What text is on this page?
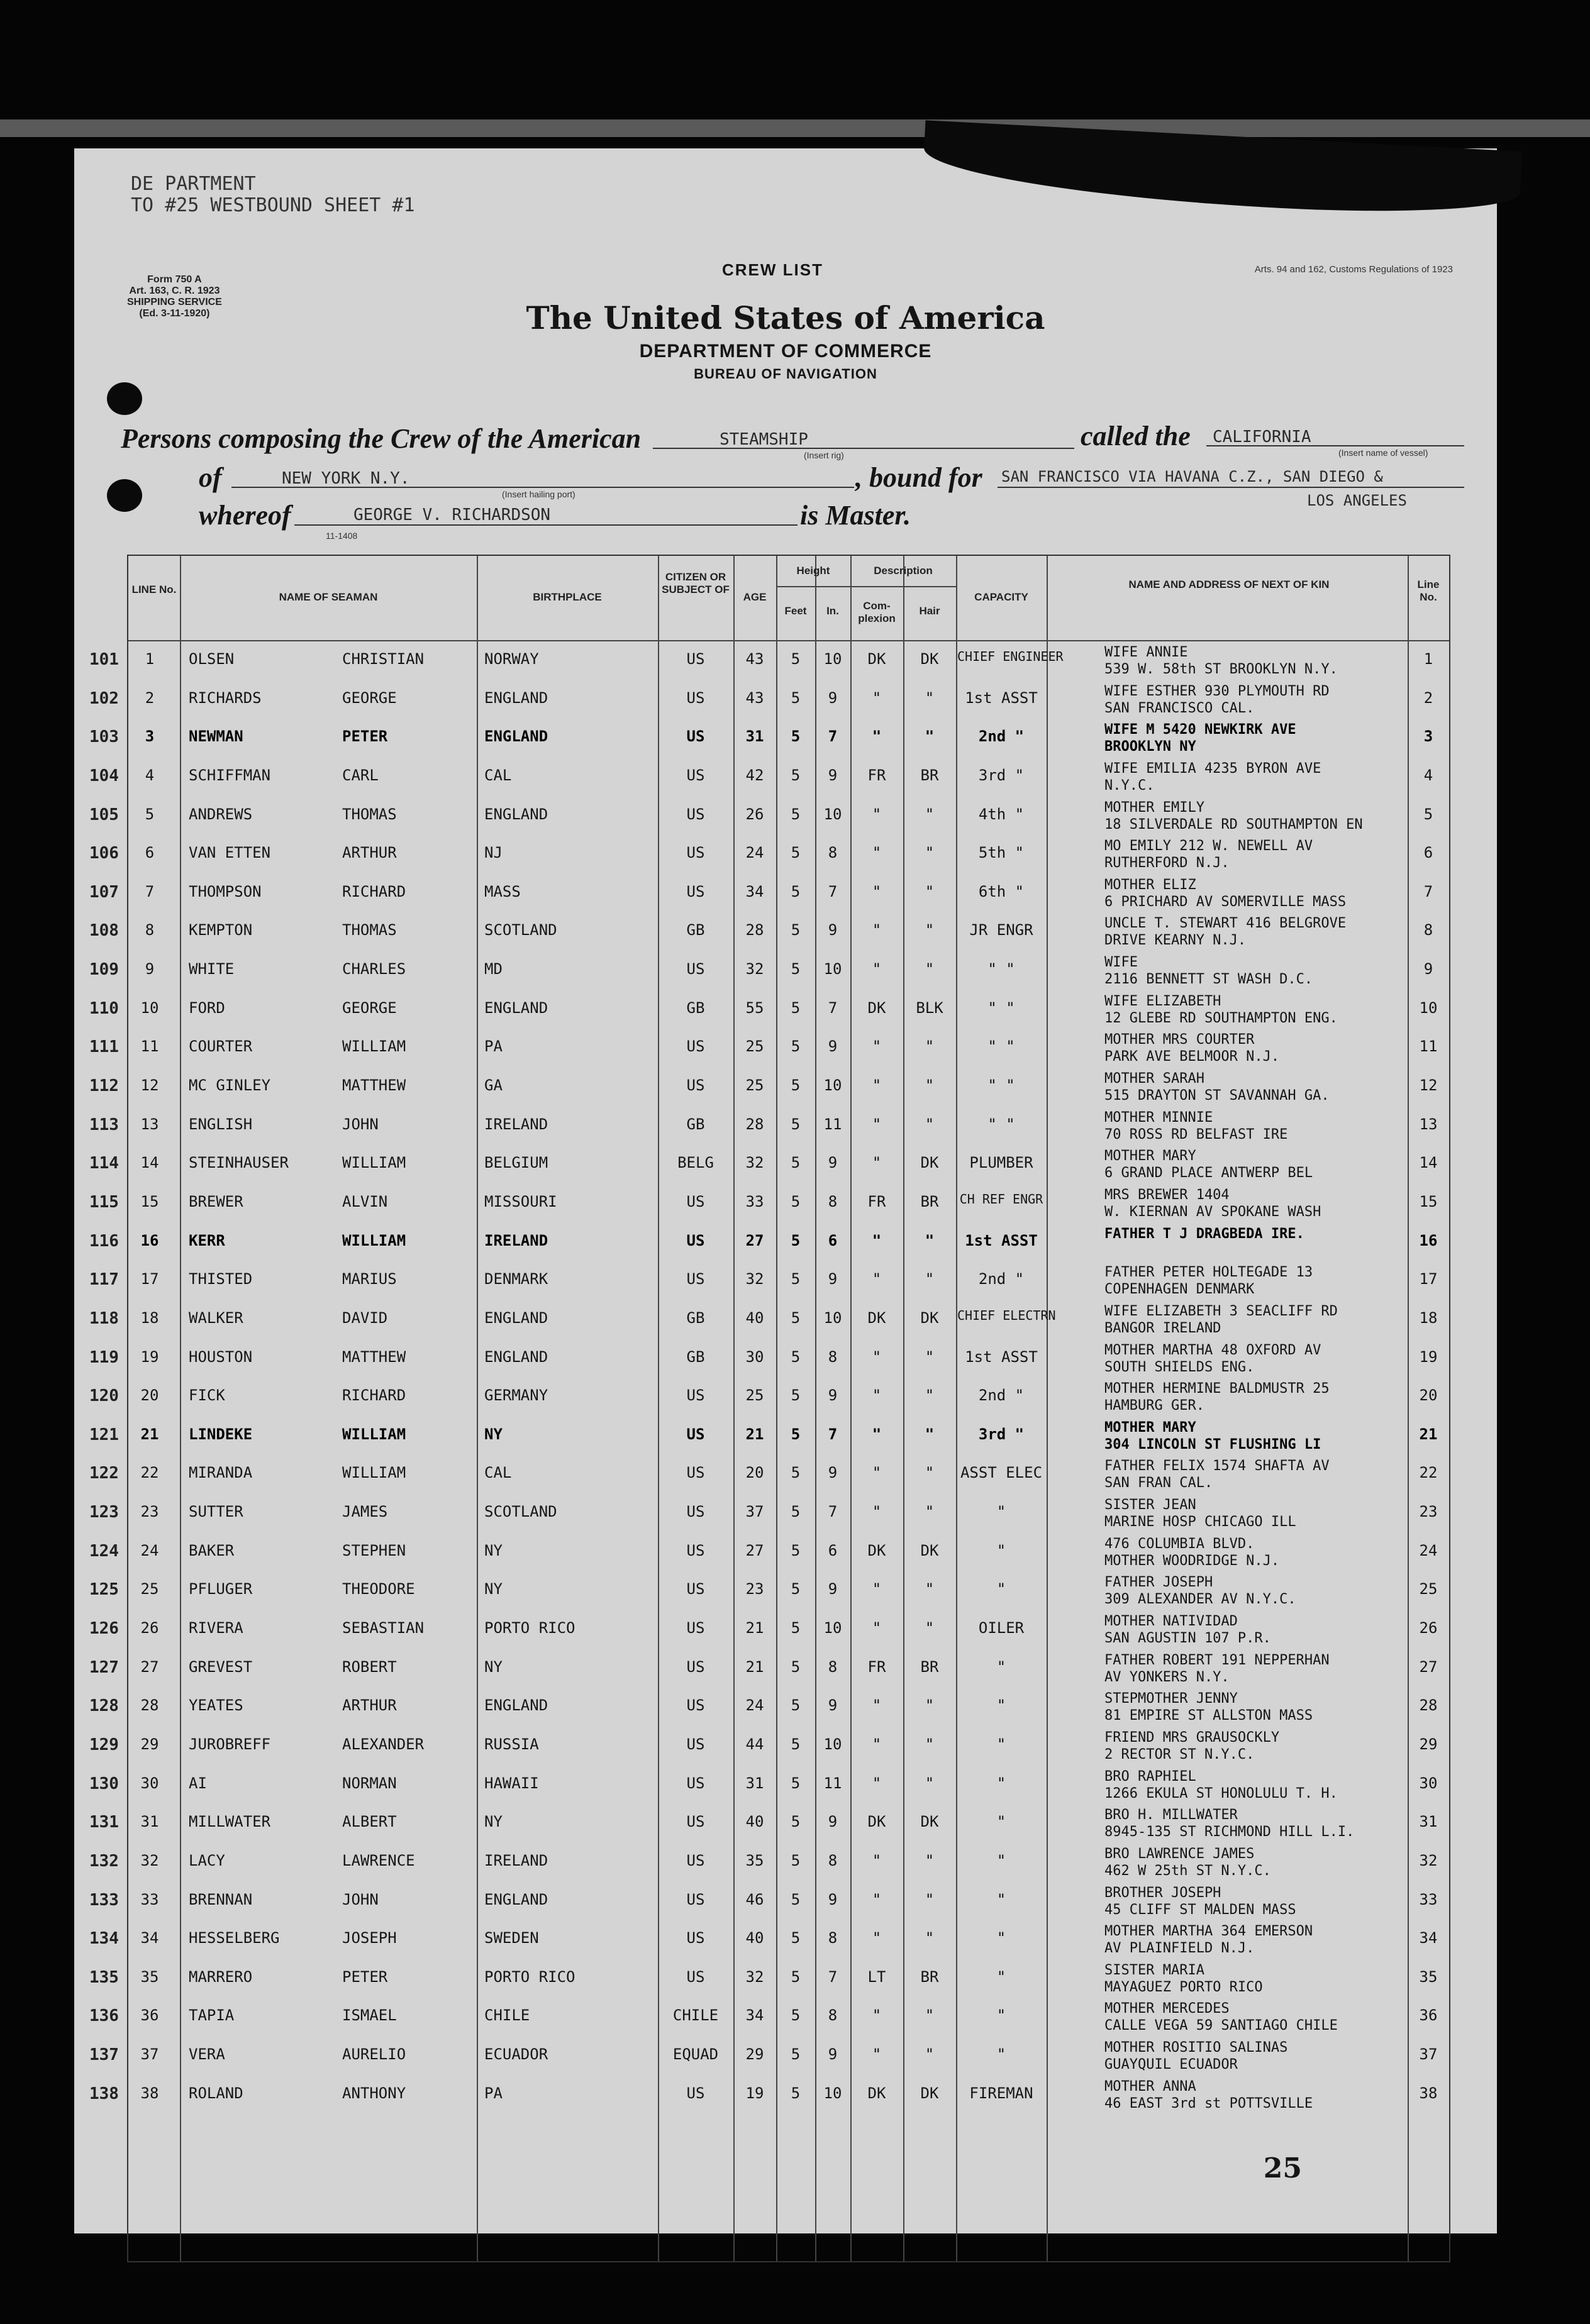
DE PARTMENT
TO #25 WESTBOUND SHEET #1
Form 750 A
Art. 163, C. R. 1923
SHIPPING SERVICE
(Ed. 3-11-1920)
CREW LIST	Arts. 94 and 162, Customs Regulations of 1923
The United States of America
DEPARTMENT OF COMMERCE
BUREAU OF NAVIGATION
Persons composing the Crew of the American	STEAMSHIP
(Insert rig)
called the CALIFORNIA
(Insert name of vessel)
of	NEW YORK N.Y.
(Insert hailing port)
, bound for SAN FRANCISCO VIA HAVANA C.Z., SAN DIEGO &
LOS ANGELES
whereof	GEORGE V. RICHARDSON	is Master.
11-1408
LINE No.
NAME OF SEAMAN	BIRTHPLACE
CITIZEN OR SUBJECT OF
AGE
Height
Feet	In.
Description
Com-plexion
Hair
CAPACITY
NAME AND ADDRESS OF NEXT OF KIN	Line No.
101	1	OLSEN	CHRISTIAN	NORWAY	US	43	5	10	DK	DK	CHIEF ENGINEER	WIFE ANNIE
539 W. 58th ST BROOKLYN N.Y.
1
102	2	RICHARDS	GEORGE	ENGLAND	US	43	5	9	"	"	1st ASST	WIFE ESTHER 930 PLYMOUTH RD
SAN FRANCISCO CAL.
2
103	3	NEWMAN	PETER	ENGLAND	US	31	5	7	"	"	2nd "	WIFE M 5420 NEWKIRK AVE
BROOKLYN NY
3
104	4	SCHIFFMAN	CARL	CAL	US	42	5	9	FR	BR	3rd "	WIFE EMILIA 4235 BYRON AVE
N.Y.C.
4
105	5	ANDREWS	THOMAS	ENGLAND	US	26	5	10	"	"	4th "	MOTHER EMILY
18 SILVERDALE RD SOUTHAMPTON EN
5
106	6	VAN ETTEN	ARTHUR	NJ	US	24	5	8	"	"	5th "	MO EMILY 212 W. NEWELL AV
RUTHERFORD N.J.
6
107	7	THOMPSON	RICHARD	MASS	US	34	5	7	"	"	6th "	MOTHER ELIZ
6 PRICHARD AV SOMERVILLE MASS
7
108	8	KEMPTON	THOMAS	SCOTLAND	GB	28	5	9	"	"	JR ENGR	UNCLE T. STEWART 416 BELGROVE
DRIVE KEARNY N.J.
8
109	9	WHITE	CHARLES	MD	US	32	5	10	"	"	" "	WIFE
2116 BENNETT ST WASH D.C.
9
110	10	FORD	GEORGE	ENGLAND	GB	55	5	7	DK	BLK	" "	WIFE ELIZABETH
12 GLEBE RD SOUTHAMPTON ENG.
10
111	11	COURTER	WILLIAM	PA	US	25	5	9	"	"	" "	MOTHER MRS COURTER
PARK AVE BELMOOR N.J.
11
112	12	MC GINLEY	MATTHEW	GA	US	25	5	10	"	"	" "	MOTHER SARAH
515 DRAYTON ST SAVANNAH GA.
12
113	13	ENGLISH	JOHN	IRELAND	GB	28	5	11	"	"	" "	MOTHER MINNIE
70 ROSS RD BELFAST IRE
13
114	14	STEINHAUSER	WILLIAM	BELGIUM	BELG	32	5	9	"	DK	PLUMBER	MOTHER MARY
6 GRAND PLACE ANTWERP BEL
14
115	15	BREWER	ALVIN	MISSOURI	US	33	5	8	FR	BR	CH REF ENGR	MRS BREWER 1404
W. KIERNAN AV SPOKANE WASH
15
116	16	KERR	WILLIAM	IRELAND	US	27	5	6	"	"	1st ASST	FATHER T J DRAGBEDA IRE.	16
117	17	THISTED	MARIUS	DENMARK	US	32	5	9	"	"	2nd "	FATHER PETER HOLTEGADE 13
COPENHAGEN DENMARK
17
118	18	WALKER	DAVID	ENGLAND	GB	40	5	10	DK	DK	CHIEF ELECTRN	WIFE ELIZABETH 3 SEACLIFF RD
BANGOR IRELAND
18
119	19	HOUSTON	MATTHEW	ENGLAND	GB	30	5	8	"	"	1st ASST	MOTHER MARTHA 48 OXFORD AV
SOUTH SHIELDS ENG.
19
120	20	FICK	RICHARD	GERMANY	US	25	5	9	"	"	2nd "	MOTHER HERMINE BALDMUSTR 25
HAMBURG GER.
20
121	21	LINDEKE	WILLIAM	NY	US	21	5	7	"	"	3rd "	MOTHER MARY
304 LINCOLN ST FLUSHING LI
21
122	22	MIRANDA	WILLIAM	CAL	US	20	5	9	"	"	ASST ELEC	FATHER FELIX 1574 SHAFTA AV
SAN FRAN CAL.
22
123	23	SUTTER	JAMES	SCOTLAND	US	37	5	7	"	"	"	SISTER JEAN
MARINE HOSP CHICAGO ILL
23
124	24	BAKER	STEPHEN	NY	US	27	5	6	DK	DK	"	476 COLUMBIA BLVD.
MOTHER WOODRIDGE N.J.
24
125	25	PFLUGER	THEODORE	NY	US	23	5	9	"	"	"	FATHER JOSEPH
309 ALEXANDER AV N.Y.C.
25
126	26	RIVERA	SEBASTIAN	PORTO RICO	US	21	5	10	"	"	OILER	MOTHER NATIVIDAD
SAN AGUSTIN 107 P.R.
26
127	27	GREVEST	ROBERT	NY	US	21	5	8	FR	BR	"	FATHER ROBERT 191 NEPPERHAN
AV YONKERS N.Y.
27
128	28	YEATES	ARTHUR	ENGLAND	US	24	5	9	"	"	"	STEPMOTHER JENNY
81 EMPIRE ST ALLSTON MASS
28
129	29	JUROBREFF	ALEXANDER	RUSSIA	US	44	5	10	"	"	"	FRIEND MRS GRAUSOCKLY
2 RECTOR ST N.Y.C.
29
130	30	AI	NORMAN	HAWAII	US	31	5	11	"	"	"	BRO RAPHIEL
1266 EKULA ST HONOLULU T. H.
30
131	31	MILLWATER	ALBERT	NY	US	40	5	9	DK	DK	"	BRO H. MILLWATER
8945-135 ST RICHMOND HILL L.I.
31
132	32	LACY	LAWRENCE	IRELAND	US	35	5	8	"	"	"	BRO LAWRENCE JAMES
462 W 25th ST N.Y.C.
32
133	33	BRENNAN	JOHN	ENGLAND	US	46	5	9	"	"	"	BROTHER JOSEPH
45 CLIFF ST MALDEN MASS
33
134	34	HESSELBERG	JOSEPH	SWEDEN	US	40	5	8	"	"	"	MOTHER MARTHA 364 EMERSON
AV PLAINFIELD N.J.
34
135	35	MARRERO	PETER	PORTO RICO	US	32	5	7	LT	BR	"	SISTER MARIA
MAYAGUEZ PORTO RICO
35
136	36	TAPIA	ISMAEL	CHILE	CHILE	34	5	8	"	"	"	MOTHER MERCEDES
CALLE VEGA 59 SANTIAGO CHILE
36
137	37	VERA	AURELIO	ECUADOR	EQUAD	29	5	9	"	"	"	MOTHER ROSITIO SALINAS
GUAYQUIL ECUADOR
37
138	38	ROLAND	ANTHONY	PA	US	19	5	10	DK	DK	FIREMAN	MOTHER ANNA
46 EAST 3rd st POTTSVILLE
38
25
